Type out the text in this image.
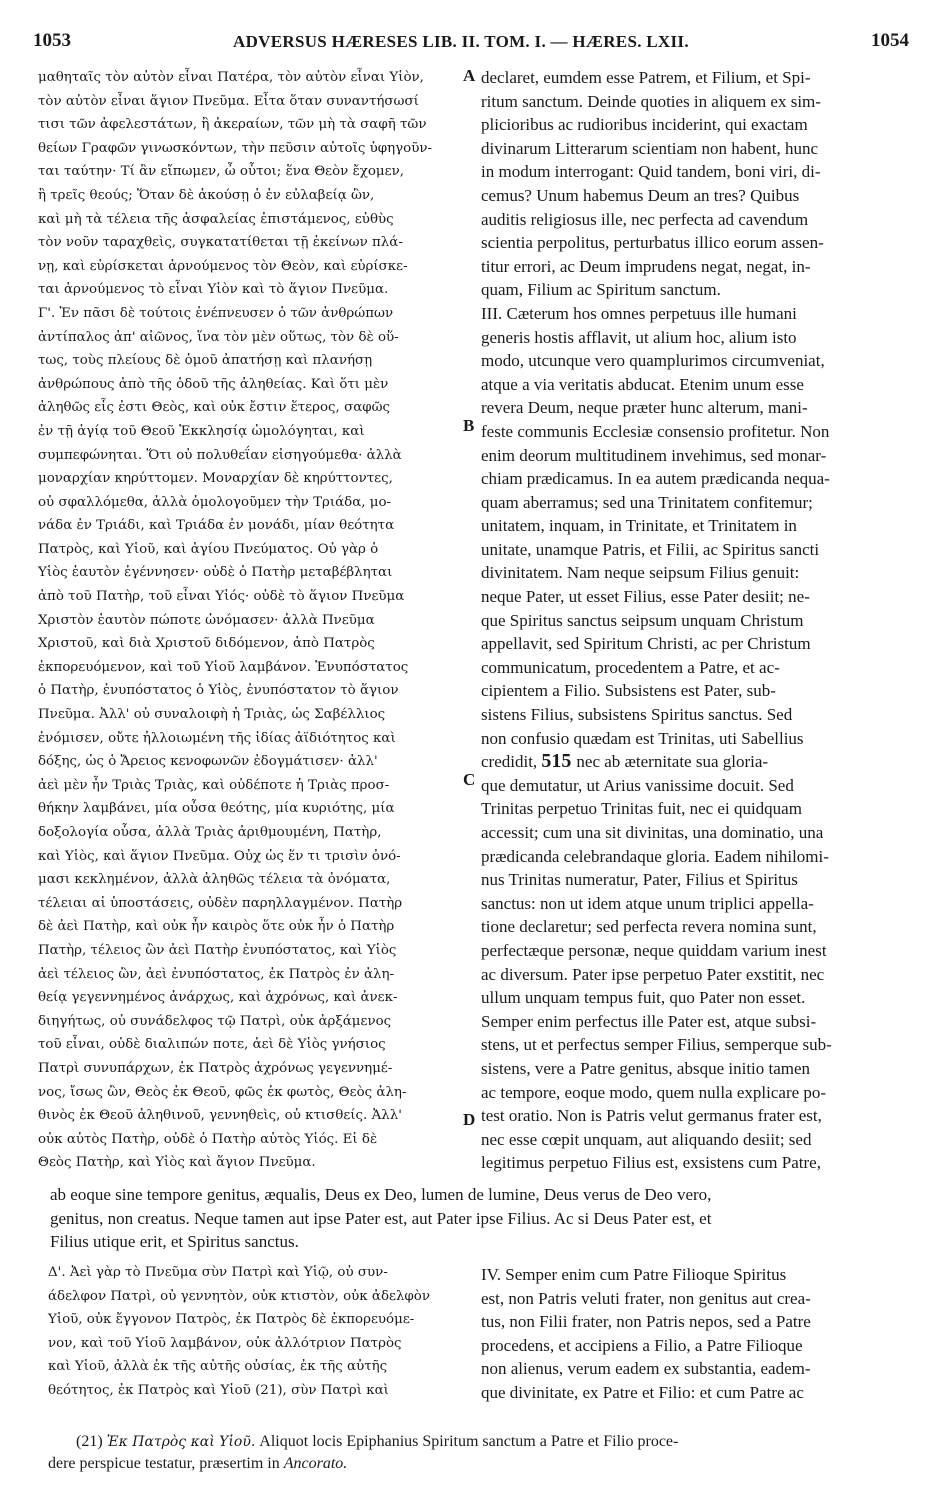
1053	ADVERSUS HÆRESES LIB. II. TOM. I. — HÆRES. LXII.	1054
μαθηταῖς τὸν αὐτὸν εἶναι Πατέρα, τὸν αὐτὸν εἶναι Υἱὸν,
τὸν αὐτὸν εἶναι ἅγιον Πνεῦμα. Εἶτα ὅταν συναντήσωσί
τισι τῶν ἀφελεστάτων, ἢ ἀκεραίων, τῶν μὴ τὰ σαφῆ τῶν
θείων Γραφῶν γινωσκόντων, τὴν πεῦσιν αὐτοῖς ὑφηγοῦν-
ται ταύτην· Τί ἂν εἴπωμεν, ὦ οὗτοι; ἕνα Θεὸν ἔχομεν,
ἢ τρεῖς θεούς; Ὅταν δὲ ἀκούσῃ ὁ ἐν εὐλαβείᾳ ὢν,
καὶ μὴ τὰ τέλεια τῆς ἀσφαλείας ἐπιστάμενος, εὐθὺς
τὸν νοῦν ταραχθεὶς, συγκατατίθεται τῇ ἐκείνων πλά-
νῃ, καὶ εὑρίσκεται ἀρνούμενος τὸν Θεὸν, καὶ εὑρίσκε-
ται ἀρνούμενος τὸ εἶναι Υἱὸν καὶ τὸ ἅγιον Πνεῦμα.
Γ'. Ἐν πᾶσι δὲ τούτοις ἐνέπνευσεν ὁ τῶν ἀνθρώπων
ἀντίπαλος ἀπ' αἰῶνος, ἵνα τὸν μὲν οὕτως, τὸν δὲ οὕ-
τως, τοὺς πλείους δὲ ὁμοῦ ἀπατήσῃ καὶ πλανήσῃ
ἀνθρώπους ἀπὸ τῆς ὁδοῦ τῆς ἀληθείας. Καὶ ὅτι μὲν
ἀληθῶς εἷς ἐστι Θεὸς, καὶ οὐκ ἔστιν ἕτερος, σαφῶς
ἐν τῇ ἁγίᾳ τοῦ Θεοῦ Ἐκκλησίᾳ ὡμολόγηται, καὶ
συμπεφώνηται. Ὅτι οὐ πολυθεΐαν εἰσηγούμεθα· ἀλλὰ
μοναρχίαν κηρύττομεν. Μοναρχίαν δὲ κηρύττοντες,
οὐ σφαλλόμεθα, ἀλλὰ ὁμολογοῦμεν τὴν Τριάδα, μο-
νάδα ἐν Τριάδι, καὶ Τριάδα ἐν μονάδι, μίαν θεότητα
Πατρὸς, καὶ Υἱοῦ, καὶ ἁγίου Πνεύματος. Οὐ γὰρ ὁ
Υἱὸς ἑαυτὸν ἐγέννησεν· οὐδὲ ὁ Πατὴρ μεταβέβληται
ἀπὸ τοῦ Πατὴρ, τοῦ εἶναι Υἱός· οὐδὲ τὸ ἅγιον Πνεῦμα
Χριστὸν ἑαυτὸν πώποτε ὠνόμασεν· ἀλλὰ Πνεῦμα
Χριστοῦ, καὶ διὰ Χριστοῦ διδόμενον, ἀπὸ Πατρὸς
ἐκπορευόμενον, καὶ τοῦ Υἱοῦ λαμβάνον. Ἐνυπόστατος
ὁ Πατὴρ, ἐνυπόστατος ὁ Υἱὸς, ἐνυπόστατον τὸ ἅγιον
Πνεῦμα. Ἀλλ' οὐ συναλοιφὴ ἡ Τριὰς, ὡς Σαβέλλιος
ἐνόμισεν, οὔτε ἠλλοιωμένη τῆς ἰδίας ἀϊδιότητος καὶ
δόξης, ὡς ὁ Ἄρειος κενοφωνῶν ἐδογμάτισεν· ἀλλ'
ἀεὶ μὲν ἦν Τριὰς Τριὰς, καὶ οὐδέποτε ἡ Τριὰς προσ-
θήκην λαμβάνει, μία οὖσα θεότης, μία κυριότης, μία
δοξολογία οὖσα, ἀλλὰ Τριὰς ἀριθμουμένη, Πατὴρ,
καὶ Υἱὸς, καὶ ἅγιον Πνεῦμα. Οὐχ ὡς ἕν τι τρισὶν ὀνό-
μασι κεκλημένον, ἀλλὰ ἀληθῶς τέλεια τὰ ὀνόματα,
τέλειαι αἱ ὑποστάσεις, οὐδὲν παρηλλαγμένον. Πατὴρ
δὲ ἀεὶ Πατὴρ, καὶ οὐκ ἦν καιρὸς ὅτε οὐκ ἦν ὁ Πατὴρ
Πατὴρ, τέλειος ὢν ἀεὶ Πατὴρ ἐνυπόστατος, καὶ Υἱὸς
ἀεὶ τέλειος ὢν, ἀεὶ ἐνυπόστατος, ἐκ Πατρὸς ἐν ἀλη-
θείᾳ γεγεννημένος ἀνάρχως, καὶ ἀχρόνως, καὶ ἀνεκ-
διηγήτως, οὐ συνάδελφος τῷ Πατρὶ, οὐκ ἀρξάμενος
τοῦ εἶναι, οὐδὲ διαλιπών ποτε, ἀεὶ δὲ Υἱὸς γνήσιος
Πατρὶ συνυπάρχων, ἐκ Πατρὸς ἀχρόνως γεγεννημέ-
νος, ἴσως ὢν, Θεὸς ἐκ Θεοῦ, φῶς ἐκ φωτὸς, Θεὸς ἀλη-
θινὸς ἐκ Θεοῦ ἀληθινοῦ, γεννηθεὶς, οὐ κτισθείς. Ἀλλ'
οὐκ αὐτὸς Πατὴρ, οὐδὲ ὁ Πατὴρ αὐτὸς Υἱός. Εἰ δὲ
Θεὸς Πατὴρ, καὶ Υἱὸς καὶ ἅγιον Πνεῦμα.
declaret, eumdem esse Patrem, et Filium, et Spi-
ritum sanctum. Deinde quoties in aliquem ex sim-
plicioribus ac rudioribus inciderint, qui exactam
divinarum Litterarum scientiam non habent, hunc
in modum interrogant: Quid tandem, boni viri, di-
cemus? Unum habemus Deum an tres? Quibus
auditis religiosus ille, nec perfecta ad cavendum
scientia perpolitus, perturbatus illico eorum assen-
titur errori, ac Deum imprudens negat, negat, in-
quam, Filium ac Spiritum sanctum.
III. Cæterum hos omnes perpetuus ille humani
generis hostis afflavit, ut alium hoc, alium isto
modo, utcunque vero quamplurimos circumveniat,
atque a via veritatis abducat. Etenim unum esse
revera Deum, neque præter hunc alterum, mani-
feste communis Ecclesiæ consensio profitetur. Non
enim deorum multitudinem invehimus, sed monar-
chiam prædicamus. In ea autem prædicanda nequa-
quam aberramus; sed una Trinitatem confitemur;
unitatem, inquam, in Trinitate, et Trinitatem in
unitate, unamque Patris, et Filii, ac Spiritus sancti
divinitatem. Nam neque seipsum Filius genuit:
neque Pater, ut esset Filius, esse Pater desiit; ne-
que Spiritus sanctus seipsum unquam Christum
appellavit, sed Spiritum Christi, ac per Christum
communicatum, procedentem a Patre, et ac-
cipientem a Filio. Subsistens est Pater, sub-
sistens Filius, subsistens Spiritus sanctus. Sed
non confusio quædam est Trinitas, uti Sabellius
credidit, 515 nec ab æternitate sua gloria-
que demutatur, ut Arius vanissime docuit. Sed
Trinitas perpetuo Trinitas fuit, nec ei quidquam
accessit; cum una sit divinitas, una dominatio, una
prædicanda celebrandaque gloria. Eadem nihilomi-
nus Trinitas numeratur, Pater, Filius et Spiritus
sanctus: non ut idem atque unum triplici appella-
tione declaretur; sed perfecta revera nomina sunt,
perfectæque personæ, neque quiddam varium inest
ac diversum. Pater ipse perpetuo Pater exstitit, nec
ullum unquam tempus fuit, quo Pater non esset.
Semper enim perfectus ille Pater est, atque subsi-
stens, ut et perfectus semper Filius, semperque sub-
sistens, vere a Patre genitus, absque initio tamen
ac tempore, eoque modo, quem nulla explicare po-
test oratio. Non is Patris velut germanus frater est,
nec esse cœpit unquam, aut aliquando desiit; sed
legitimus perpetuo Filius est, exsistens cum Patre,
A
B
C
D
ab eoque sine tempore genitus, æqualis, Deus ex Deo, lumen de lumine, Deus verus de Deo vero,
genitus, non creatus. Neque tamen aut ipse Pater est, aut Pater ipse Filius. Ac si Deus Pater est, et
Filius utique erit, et Spiritus sanctus.
Δ'. Ἀεὶ γὰρ τὸ Πνεῦμα σὺν Πατρὶ καὶ Υἱῷ, οὐ συν-
άδελφον Πατρὶ, οὐ γεννητὸν, οὐκ κτιστὸν, οὐκ ἀδελφὸν
Υἱοῦ, οὐκ ἔγγονον Πατρὸς, ἐκ Πατρὸς δὲ ἐκπορευόμε-
νον, καὶ τοῦ Υἱοῦ λαμβάνον, οὐκ ἀλλότριον Πατρὸς
καὶ Υἱοῦ, ἀλλὰ ἐκ τῆς αὐτῆς οὐσίας, ἐκ τῆς αὐτῆς
θεότητος, ἐκ Πατρὸς καὶ Υἱοῦ (21), σὺν Πατρὶ καὶ
IV. Semper enim cum Patre Filioque Spiritus
est, non Patris veluti frater, non genitus aut crea-
tus, non Filii frater, non Patris nepos, sed a Patre
procedens, et accipiens a Filio, a Patre Filioque
non alienus, verum eadem ex substantia, eadem-
que divinitate, ex Patre et Filio: et cum Patre ac
(21) Ἐκ Πατρὸς καὶ Υἱοῦ. Aliquot locis Epiphanius Spiritum sanctum a Patre et Filio proce-
dere perspicue testatur, præsertim in Ancorato.
